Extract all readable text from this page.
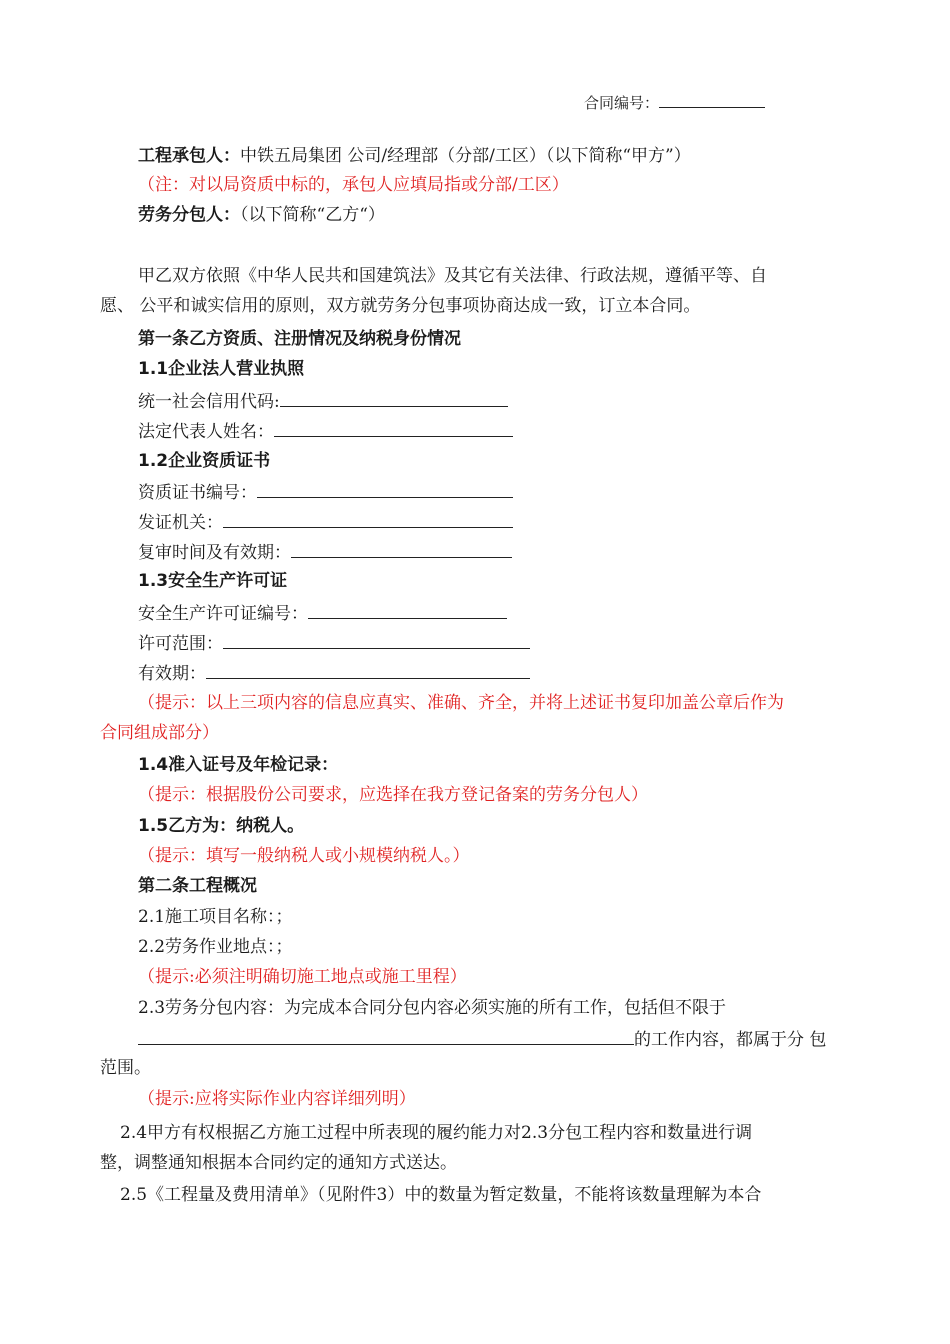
合同编号：
工程承包人：中铁五局集团 公司/经理部（分部/工区）（以下简称“甲方”）
（注：对以局资质中标的，承包人应填局指或分部/工区）
劳务分包人：（以下简称“乙方“）
甲乙双方依照《中华人民共和国建筑法》及其它有关法律、行政法规，遵循平等、自
愿、 公平和诚实信用的原则，双方就劳务分包事项协商达成一致，订立本合同。
第一条乙方资质、注册情况及纳税身份情况
1.1企业法人营业执照
统一社会信用代码:
法定代表人姓名：
1.2企业资质证书
资质证书编号：
发证机关：
复审时间及有效期：
1.3安全生产许可证
安全生产许可证编号：
许可范围：
有效期：
（提示：以上三项内容的信息应真实、准确、齐全，并将上述证书复印加盖公章后作为
合同组成部分）
1.4准入证号及年检记录：
（提示：根据股份公司要求，应选择在我方登记备案的劳务分包人）
1.5乙方为：纳税人。
（提示：填写一般纳税人或小规模纳税人。）
第二条工程概况
2.1施工项目名称：；
2.2劳务作业地点：；
（提示:必须注明确切施工地点或施工里程）
2.3劳务分包内容：为完成本合同分包内容必须实施的所有工作，包括但不限于
的工作内容，都属于分 包
范围。
（提示:应将实际作业内容详细列明）
2.4甲方有权根据乙方施工过程中所表现的履约能力对2.3分包工程内容和数量进行调
整，调整通知根据本合同约定的通知方式送达。
2.5《工程量及费用清单》（见附件3）中的数量为暂定数量，不能将该数量理解为本合
